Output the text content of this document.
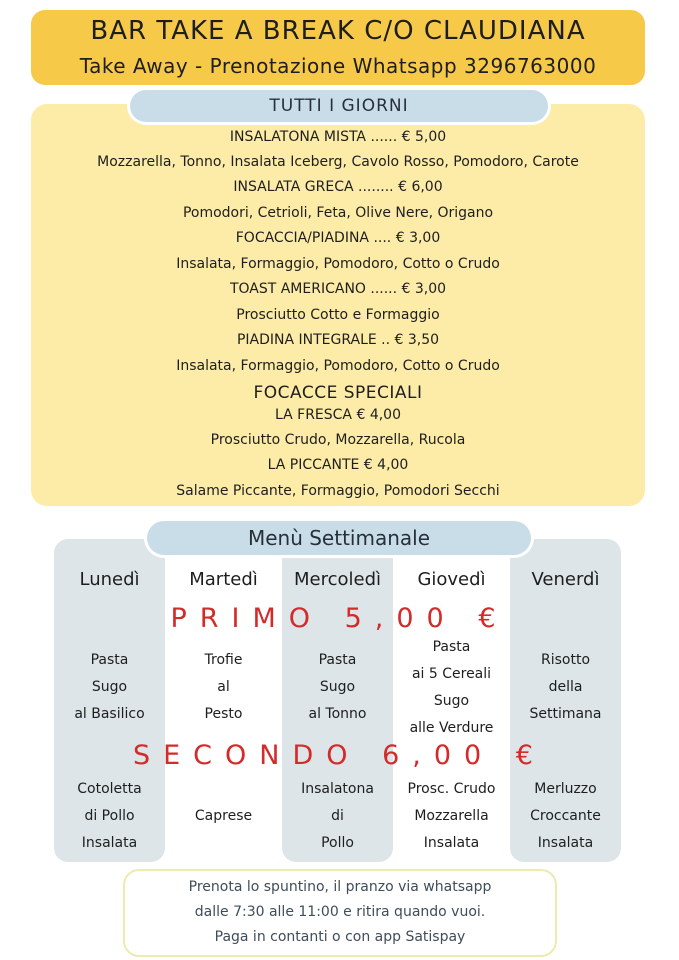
BAR TAKE A BREAK C/O CLAUDIANA
Take Away - Prenotazione Whatsapp 3296763000
TUTTI I GIORNI
INSALATONA MISTA ...... € 5,00
Mozzarella, Tonno, Insalata Iceberg, Cavolo Rosso, Pomodoro, Carote
INSALATA GRECA ........ € 6,00
Pomodori, Cetrioli, Feta, Olive Nere, Origano
FOCACCIA/PIADINA .... € 3,00
Insalata, Formaggio, Pomodoro, Cotto o Crudo
TOAST AMERICANO ...... € 3,00
Prosciutto Cotto e Formaggio
PIADINA INTEGRALE .. € 3,50
Insalata, Formaggio, Pomodoro, Cotto o Crudo
FOCACCE SPECIALI
LA FRESCA € 4,00
Prosciutto Crudo, Mozzarella, Rucola
LA PICCANTE € 4,00
Salame Piccante, Formaggio, Pomodori Secchi
Lunedì
Pasta
Sugo
al Basilico
Cotoletta
di Pollo
Insalata
Martedì
Trofie
al
Pesto
Caprese
Mercoledì
Pasta
Sugo
al Tonno
Insalatona
di
Pollo
Giovedì
Pasta
ai 5 Cereali
Sugo
alle Verdure
Prosc. Crudo
Mozzarella
Insalata
Venerdì
Risotto
della
Settimana
Merluzzo
Croccante
Insalata
Menù Settimanale
PRIMO 5,00 €
SECONDO 6,00 €
Prenota lo spuntino, il pranzo via whatsapp
dalle 7:30 alle 11:00 e ritira quando vuoi.
Paga in contanti o con app Satispay
